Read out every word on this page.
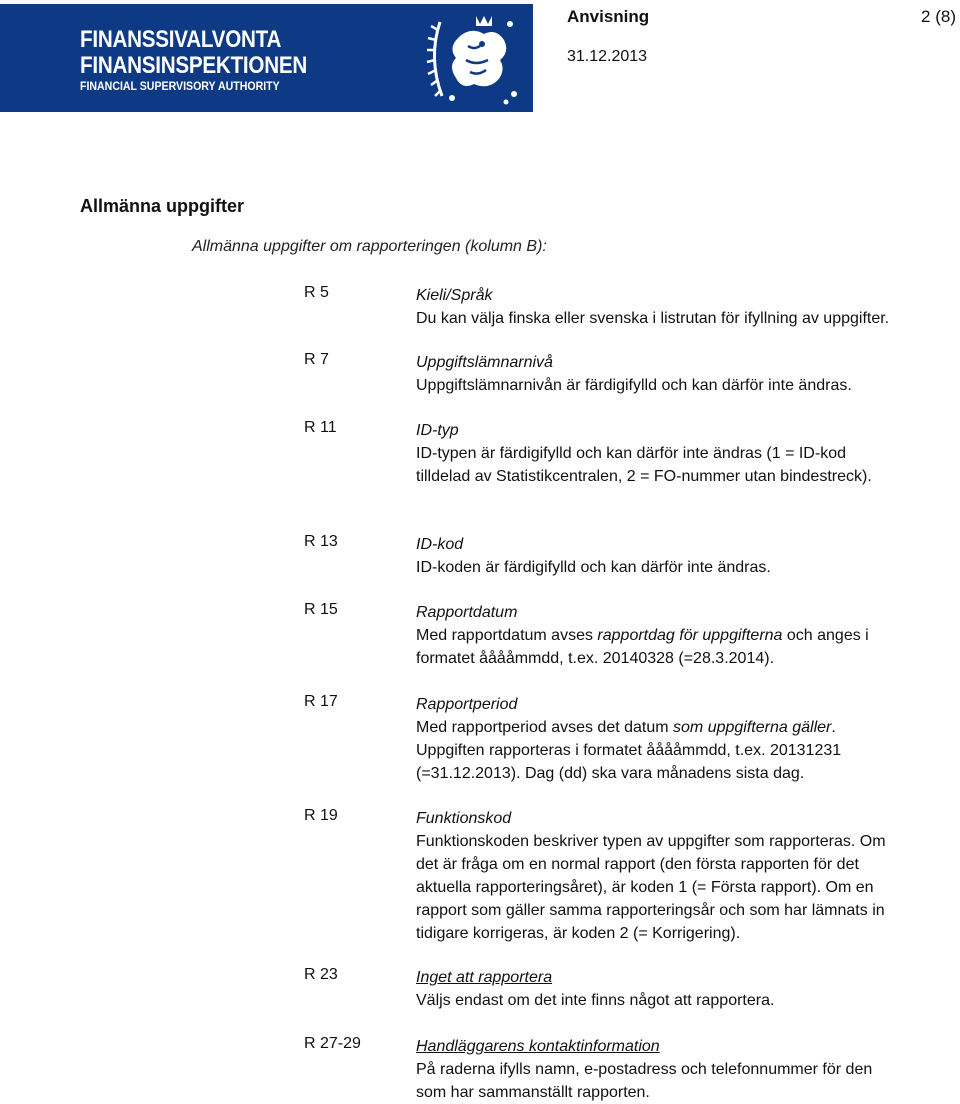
FINANSSIVALVONTA
FINANSINSPEKTIONEN
FINANCIAL SUPERVISORY AUTHORITY
Anvisning	2 (8)
31.12.2013
Allmänna uppgifter
Allmänna uppgifter om rapporteringen (kolumn B):
R 5	Kieli/Språk

Du kan välja finska eller svenska i listrutan för ifyllning av uppgifter.

R 7	Uppgiftslämnarnivå

Uppgiftslämnarnivån är färdigifylld och kan därför inte ändras.

R 11	ID-typ

ID-typen är färdigifylld och kan därför inte ändras (1 = ID-kod

tilldelad av Statistikcentralen, 2 = FO-nummer utan bindestreck).

R 13	ID-kod

ID-koden är färdigifylld och kan därför inte ändras.

R 15	Rapportdatum

Med rapportdatum avses rapportdag för uppgifterna och anges i

formatet ååååmmdd, t.ex. 20140328 (=28.3.2014).

R 17	Rapportperiod

Med rapportperiod avses det datum som uppgifterna gäller.

Uppgiften rapporteras i formatet ååååmmdd, t.ex. 20131231

(=31.12.2013). Dag (dd) ska vara månadens sista dag.

R 19	Funktionskod

Funktionskoden beskriver typen av uppgifter som rapporteras. Om

det är fråga om en normal rapport (den första rapporten för det

aktuella rapporteringsåret), är koden 1 (= Första rapport). Om en

rapport som gäller samma rapporteringsår och som har lämnats in

tidigare korrigeras, är koden 2 (= Korrigering).

R 23	Inget att rapportera

Väljs endast om det inte finns något att rapportera.

R 27-29	Handläggarens kontaktinformation

På raderna ifylls namn, e-postadress och telefonnummer för den

som har sammanställt rapporten.
